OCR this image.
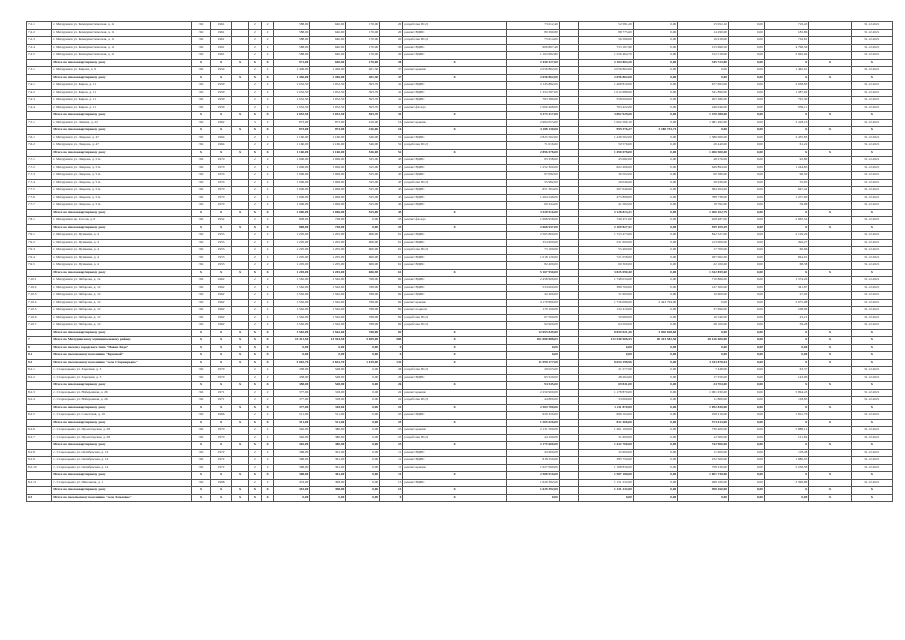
7.2.1	г. Мичуринск ул. Коммунистическая, д. 11	ЭО	1961		2	2	588,00	640,00	170,00	20	разработка ПСД	73 612,40		52 581,20	0,00	15 952,10	0,00	716,43		31.12.2021
7.2.2	г. Мичуринск ул. Коммунистическая, д. 11	ЭО	1961		2	2	588,00	640,00	170,00	20	ремонт ВДИС	89 390,80		88 775,60	0,00	14 290,00	0,00	183,86		31.12.2021
7.2.3	г. Мичуринск ул. Коммунистическая, д. 11	ЭО	1961		2	2	588,00	640,00	170,00	20	разработка ПСД	75 614,00		56 596,00	0,00	19 018,00	0,00	716,81		31.12.2021
7.2.4	г. Мичуринск ул. Коммунистическая, д. 11	ЭО	1961		2	2	588,00	640,00	170,00	20	ремонт ВДИС	906 867,40		753 167,90	0,00	153 699,50	0,00	4 798,59		31.12.2021
7.2.5	г. Мичуринск ул. Коммунистическая, д. 11	ЭО	1961		2	2	588,00	640,00	170,00	20	ремонт ВДИС	1 104 982,80		1 256 464,70	0,00	152 518,00	0,00	2 062,04		31.12.2021
	Итого по многоквартирному дому	Х	Х	Х	Х	Х	971,00	640,00	170,00	20	Х	2 450 527,00		2 104 803,20	0,00	345 723,80	0,00	Х	Х	Х
7.3.1	г. Мичуринск ул. Кирова, д. 9	ЭО	1954		2	2	1 406,00	1 406,00	401,30	37	ремонт крыши	2 056 862,00		2 056 862,00	0,00	0,00	0,00	1 462,91		31.12.2021
	Итого по многоквартирному дому	Х	Х	Х	Х	Х	1 456,00	1 406,00	401,30	37	Х	2 056 862,00		2 056 862,00	0,00	0,00	0,00	Х	Х	Х
7.4.1	г. Мичуринск ул. Киров, д. 11	ЭО	1959		2	2	1 052,50	1 052,50	503,70	41	ремонт ВДИС	2 145 882,00		1 468 819,00	0,00	677 063,00	0,00	2 038,83		31.12.2021
7.4.2	г. Мичуринск ул. Киров, д. 11	ЭО	1959		2	2	1 052,50	1 052,50	503,70	41	ремонт ВДИС	1 354 587,00		1 012 688,00	0,00	341 899,00	0,00	1 287,02		31.12.2021
7.4.3	г. Мичуринск ул. Киров, д. 11	ЭО	1959		2	2	1 052,50	1 052,50	503,70	41	ремонт ВДИС	763 380,00		558 000,00	0,00	205 380,00	0,00	725,30		31.12.2021
7.4.4	г. Мичуринск ул. Киров, д. 11	ЭО	1959		2	2	1 052,50	1 052,50	503,70	41	ремонт фасада	1 009 468,00		763 422,00	0,00	246 046,00	0,00	959,11		31.12.2021
	Итого по многоквартирному дому	Х	Х	Х	Х	Х	1 052,50	1 052,50	503,70	41	Х	5 273 317,00		3 802 929,00	0,00	1 470 388,00	0,00	Х	Х	Х
7.5.1	г. Мичуринск ул. Ленина, д. 22	ЭО	1962		3	2	873,00	873,00	416,00	16	ремонт крыши	2 984 053,00		1 002 560,10	0,00	1 981 492,90	0,00	3 418,16		31.12.2021
	Итого по многоквартирному дому	Х	Х	Х	Х	Х	873,00	873,00	416,00	16	Х	4 188 130,00		999 376,27	3 188 753,73	0,00	0,00	Х	Х	Х
7.6.1	г. Мичуринск ул. Лаврова, д. 47	ЭО	1964		2	2	1 160,00	1 160,00	546,00	52	ремонт ВДИС	2 825 562,00		1 439 502,00	0,00	1 386 060,00	0,00	2 435,83		31.12.2021
7.6.2	г. Мичуринск ул. Лаврова, д. 47	ЭО	1964		2	2	1 160,00	1 160,00	546,00	52	разработка ПСД	71 016,00		50 576,00	0,00	20 440,00	0,00	61,22		31.12.2021
	Итого по многоквартирному дому	Х	Х	Х	Х	Х	1 160,00	1 160,00	546,00	52	Х	2 896 578,00		1 490 078,00	0,00	1 406 500,00	0,00	Х	Х	Х
7.7.1	г. Мичуринск ул. Лаврова, д. 51а	ЭО	1970		2	2	1 006,00	1 006,00	525,00	45	ремонт ВДИС	93 358,00		45 082,00	0,00	48 276,00	0,00	92,80		31.12.2021
7.7.2	г. Мичуринск ул. Лаврова, д. 51а	ЭО	1970		2	2	1 006,00	1 006,00	525,00	45	ремонт ВДИС	1 252 300,00		602 406,00	0,00	649 894,00	0,00	1 244,83		31.12.2021
7.7.3	г. Мичуринск ул. Лаврова, д. 51а	ЭО	1970		2	2	1 006,00	1 006,00	525,00	45	ремонт ВДИС	97 082,00		36 502,00	0,00	60 580,00	0,00	96,50		31.12.2021
7.7.4	г. Мичуринск ул. Лаврова, д. 51а	ЭО	1970		2	2	1 006,00	1 006,00	525,00	45	разработка ПСД	55 982,00		29 046,00	0,00	26 936,00	0,00	55,65		31.12.2021
7.7.5	г. Мичуринск ул. Лаврова, д. 51а	ЭО	1970		2	2	1 006,00	1 006,00	525,00	45	ремонт ВДИС	651 304,00		267 040,00	0,00	384 264,00	0,00	647,42		31.12.2021
7.7.6	г. Мичуринск ул. Лаврова, д. 51а	ЭО	1970		2	2	1 006,00	1 006,00	525,00	45	ремонт ВДИС	1 264 546,00		475 808,00	0,00	788 738,00	0,00	1 257,00		31.12.2021
7.7.7	г. Мичуринск ул. Лаврова, д. 51а	ЭО	1970		2	2	1 006,00	1 006,00	525,00	45	ремонт ВДИС	60 344,00		41 582,00	0,00	18 762,00	0,00	59,98		31.12.2021
	Итого по многоквартирному дому	Х	Х	Х	Х	Х	1 006,00	1 006,00	525,00	45	Х	3 528 916,00		2 128 813,21	0,00	1 400 102,79	0,00	Х	Х	Х
7.8.1	г. Мичуринск пр. Гоголя, д. 6	ЭО	1952		2	2	808,00	728,00	0,00	25	ремонт фасада	1 668 958,00		740 471,00	0,00	928 487,00	0,00	2 065,54		31.12.2021
	Итого по многоквартирному дому	Х	Х	Х	Х	Х	808,00	728,00	0,00	25	Х	2 668 937,00		2 109 827,51	0,00	559 109,49	0,00	Х	Х	Х
7.9.1	г. Мичуринск ул. Пушкина, д. 4	ЭО	1953		2	2	1 205,00	1 205,00	606,90	61	ремонт ВДИС	2 565 800,00		1 723 473,00	0,00	842 327,00	0,00	2 129,29		31.12.2021
7.9.2	г. Мичуринск ул. Пушкина, д. 4	ЭО	1953		2	2	1 205,00	1 205,00	606,90	61	ремонт ВДИС	354 600,00		231 600,00	0,00	123 000,00	0,00	294,27		31.12.2021
7.9.3	г. Мичуринск ул. Пушкина, д. 4	ЭО	1953		2	2	1 205,00	1 205,00	606,90	61	разработка ПСД	73 100,00		55 400,00	0,00	17 700,00	0,00	60,66		31.12.2021
7.9.4	г. Мичуринск ул. Пушкина, д. 4	ЭО	1953		2	2	1 205,00	1 205,00	606,90	61	ремонт ВДИС	1 018 120,00		721 058,00	0,00	297 062,00	0,00	844,91		31.12.2021
7.9.5	г. Мичуринск ул. Пушкина, д. 4	ЭО	1953		2	2	1 205,00	1 205,00	606,90	61	ремонт ВДИС	82 400,00		60 300,00	0,00	22 100,00	0,00	68,38		31.12.2021
	Итого по многоквартирному дому	Х	Х	Х	Х	Х	1 205,00	1 205,00	606,90	61	Х	5 167 950,00		3 825 090,40	0,00	1 342 859,60	0,00	Х	Х	Х
7.10.1	г. Мичуринск ул. Чабарова, д. 12	ЭО	1962		2	2	1 562,00	1 562,00	768,00	82	ремонт ВДИС	2 458 900,00		1 748 034,00	0,00	710 866,00	0,00	1 574,20		31.12.2021
7.10.2	г. Мичуринск ул. Чабарова, д. 12	ЭО	1962		2	2	1 562,00	1 562,00	768,00	82	ремонт ВДИС	534 000,00		386 700,00	0,00	147 300,00	0,00	341,87		31.12.2021
7.10.3	г. Мичуринск ул. Чабарова, д. 12	ЭО	1962		2	2	1 562,00	1 562,00	768,00	82	ремонт ВДИС	42 200,00		31 600,00	0,00	10 600,00	0,00	27,02		31.12.2021
7.10.4	г. Мичуринск ул. Чабарова, д. 12	ЭО	1962		2	2	1 562,00	1 562,00	768,00	82	ремонт крыши	4 179 890,00		1 736 096,00	2 443 794,00	0,00	0,00	2 675,98		31.12.2021
7.10.5	г. Мичуринск ул. Чабарова, д. 12	ЭО	1962		2	2	1 562,00	1 562,00	768,00	82	ремонт подвала	170 100,00		132 410,00	0,00	37 690,00	0,00	108,90		31.12.2021
7.10.6	г. Мичуринск ул. Чабарова, д. 12	ЭО	1962		2	2	1 562,00	1 562,00	768,00	82	разработка ПСД	67 500,00		50 960,00	0,00	16 540,00	0,00	43,21		31.12.2021
7.10.7	г. Мичуринск ул. Чабарова, д. 12	ЭО	1962		2	2	1 562,00	1 562,00	768,00	82	разработка ПСД	92 600,00		64 500,00	0,00	28 100,00	0,00	59,28		31.12.2021
	Итого по многоквартирному дому	Х	Х	Х	Х	Х	1 562,00	1 562,00	768,00	82	Х	12 695 849,80		8 859 021,20	3 836 828,60	0,00	0,00	Х	Х	Х
7	Итого по Мичуринскому муниципальному району	Х	Х	Х	Х	Х	15 311,50	14 924,50	5 659,00	585	Х	161 080 888,05		112 540 906,55	20 413 581,50	28 126 400,00	0,00	Х	Х	Х
8	Итого по поселку городского типа "Новая Ляда"	Х	Х	Х	Х	Х	0,00	0,00	0,00	0	Х	0,00		0,00	0,00	0,00	0,00	0,00	Х	Х
8.1	Итого по поселковому поселению "Красный"	Х	Х	Х	Х	Х	0,00	0,00	0,00	0	Х	0,00		0,00	0,00	0,00	0,00	0,00	Х	Х
8.2	Итого по поселковому поселению "село Староюрьево"	Х	Х	Х	Х	Х	3 062,70	2 832,70	1 019,00	132	Х	11 998 177,00		8 654 298,96	0,00	3 343 878,04	0,00	Х	Х	Х
8.2.1	с. Староюрьево ул. Заречная, д. 3	ЭО	1979		2	2	458,00	548,00	0,00	26	разработка ПСД	29 025,00		21 577,00	0,00	7 448,00	0,00	63,37		31.12.2021
8.2.2	с. Староюрьево ул. Заречная, д. 3	ЭО	1979		2	2	458,00	548,00	0,00	26	ремонт ВДИС	65 520,00		48 264,00	0,00	17 256,00	0,00	143,06		31.12.2021
	Итого по многоквартирному дому	Х	Х	Х	Х	Х	458,00	548,00	0,00	26	Х	94 545,00		69 841,00	0,00	24 704,00	0,00	Х	Х	Х
8.2.3	с. Староюрьево ул. Набережная, д. 26	ЭО	1971		2	2	377,00	318,00	0,00	22	ремонт крыши	2 259 900,00		1 178 870,00	0,00	1 081 030,00	0,00	5 994,43		31.12.2021
8.2.4	с. Староюрьево ул. Набережная, д. 26	ЭО	1971		2	2	377,00	318,00	0,00	22	разработка ПСД	44 800,00		33 000,00	0,00	11 800,00	0,00	118,83		31.12.2021
	Итого по многоквартирному дому	Х	Х	Х	Х	Х	377,00	318,00	0,00	22	Х	2 304 700,00		1 211 870,00	0,00	1 092 830,00	0,00	Х	Х	Х
8.2.5	с. Староюрьево ул. Советская, д. 19	ЭО	1966		2	2	511,00	511,00	0,00	25	ремонт ВДИС	926 320,00		668 104,00	0,00	258 216,00	0,00	1 812,76		31.12.2021
	Итого по многоквартирному дому	Х	Х	Х	Х	Х	511,00	511,00	0,00	25	Х	1 205 020,00		831 406,00	0,00	373 614,00	0,00	Х	Х	Х
8.2.6	с. Староюрьево ул. Пролетарская, д. 28	ЭО	1970		2	2	362,00	380,00	0,00	23	ремонт крыши	2 131 500,00		1 401 100,00	0,00	730 400,00	0,00	5 888,12		31.12.2021
8.2.7	с. Староюрьево ул. Пролетарская, д. 28	ЭО	1970		2	2	362,00	380,00	0,00	23	разработка ПСД	44 100,00		31 600,00	0,00	12 500,00	0,00	121,82		31.12.2021
	Итого по многоквартирному дому	Х	Х	Х	Х	Х	362,00	380,00	0,00	23	Х	2 175 600,00		1 432 700,00	0,00	742 900,00	0,00	Х	Х	Х
8.2.8	с. Староюрьево ул. Октябрьская, д. 14	ЭО	1972		2	2	368,00	361,00	0,00	11	ремонт ВДИС	43 600,00		32 600,00	0,00	11 000,00	0,00	118,48		31.12.2021
8.2.9	с. Староюрьево ул. Октябрьская, д. 14	ЭО	1972		2	2	368,00	361,00	0,00	11	ремонт ВДИС	618 250,00		385 750,00	0,00	232 500,00	0,00	1 680,03		31.12.2021
8.2.10	с. Староюрьево ул. Октябрьская, д. 14	ЭО	1972		2	2	368,00	361,00	0,00	11	ремонт крыши	1 927 060,00		1 168 830,00	0,00	758 230,00	0,00	5 236,58		31.12.2021
	Итого по многоквартирному дому	Х	Х	Х	Х	Х	368,00	361,00	0,00	11	Х	2 588 910,00		1 587 180,00	0,00	1 001 730,00	0,00	Х	Х	Х
8.2.11	с. Староюрьево ул. Школьная, д. 1	ЭО	1968		2	2	453,00	398,00	0,00	13	ремонт ВДИС	1 629 392,00		1 131 232,00	0,00	498 160,00	0,00	3 596,89		31.12.2021
	Итого по многоквартирному дому	Х	Х	Х	Х	Х	453,00	398,00	0,00	13	Х	1 629 392,00		1 131 232,00	0,00	498 160,00	0,00	Х	Х	Х
8.3	Итого по поселковому поселению "село Хмелевое"	Х	Х	Х	Х	Х	0,00	0,00	0,00	0	Х	0,00		0,00	0,00	0,00	0,00	0,00	Х	Х
